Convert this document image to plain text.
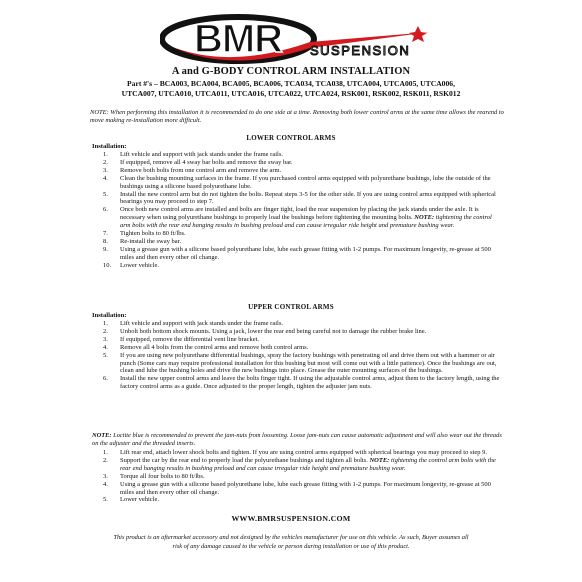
BMR SUSPENSION
A and G-BODY CONTROL ARM INSTALLATION
Part #'s – BCA003, BCA004, BCA005, BCA006, TCA034, TCA038, UTCA004, UTCA005, UTCA006,
UTCA007, UTCA010, UTCA011, UTCA016, UTCA022, UTCA024, RSK001, RSK002, RSK011, RSK012
NOTE: When performing this installation it is recommended to do one side at a time. Removing both lower control arms at the same time allows the rearend to move making re-installation more difficult.
LOWER CONTROL ARMS
Installation:
1. Lift vehicle and support with jack stands under the frame rails.
2. If equipped, remove all 4 sway bar bolts and remove the sway bar.
3. Remove both bolts from one control arm and remove the arm.
4. Clean the bushing mounting surfaces in the frame. If you purchased control arms equipped with polyurethane bushings, lube the outside of the bushings using a silicone based polyurethane lube.
5. Install the new control arm but do not tighten the bolts. Repeat steps 3-5 for the other side. If you are using control arms equipped with spherical bearings you may proceed to step 7.
6. Once both new control arms are installed and bolts are finger tight, load the rear suspension by placing the jack stands under the axle. It is necessary when using polyurethane bushings to properly load the bushings before tightening the mounting bolts. NOTE: tightening the control arm bolts with the rear end hanging results in bushing preload and can cause irregular ride height and premature bushing wear.
7. Tighten bolts to 80 ft/lbs.
8. Re-install the sway bar.
9. Using a grease gun with a silicone based polyurethane lube, lube each grease fitting with 1-2 pumps. For maximum longevity, re-grease at 500 miles and then every other oil change.
10. Lower vehicle.
UPPER CONTROL ARMS
Installation:
1. Lift vehicle and support with jack stands under the frame rails.
2. Unbolt both bottom shock mounts. Using a jack, lower the rear end being careful not to damage the rubber brake line.
3. If equipped, remove the differential vent line bracket.
4. Remove all 4 bolts from the control arms and remove both control arms.
5. If you are using new polyurethane differential bushings, spray the factory bushings with penetrating oil and drive them out with a hammer or air punch (Some cars may require professional installation for this bushing but most will come out with a little patience). Once the bushings are out, clean and lube the bushing holes and drive the new bushings into place. Grease the outer mounting surfaces of the bushings.
6. Install the new upper control arms and leave the bolts finger tight. If using the adjustable control arms, adjust them to the factory length, using the factory control arms as a guide. Once adjusted to the proper length, tighten the adjuster jam nuts.
NOTE: Loctite blue is recommended to prevent the jam-nuts from loosening. Loose jam-nuts can cause automatic adjustment and will also wear out the threads on the adjuster and the threaded inserts.
1. Lift rear end, attach lower shock bolts and tighten. If you are using control arms equipped with spherical bearings you may proceed to step 9.
2. Support the car by the rear end to properly load the polyurethane bushings and tighten all bolts. NOTE: tightening the control arm bolts with the rear end hanging results in bushing preload and can cause irregular ride height and premature bushing wear.
3. Torque all four bolts to 80 ft/lbs.
4. Using a grease gun with a silicone based polyurethane lube, lube each grease fitting with 1-2 pumps. For maximum longevity, re-grease at 500 miles and then every other oil change.
5. Lower vehicle.
WWW.BMRSUSPENSION.COM
This product is an aftermarket accessory and not designed by the vehicles manufacturer for use on this vehicle. As such, Buyer assumes all risk of any damage caused to the vehicle or person during installation or use of this product.
